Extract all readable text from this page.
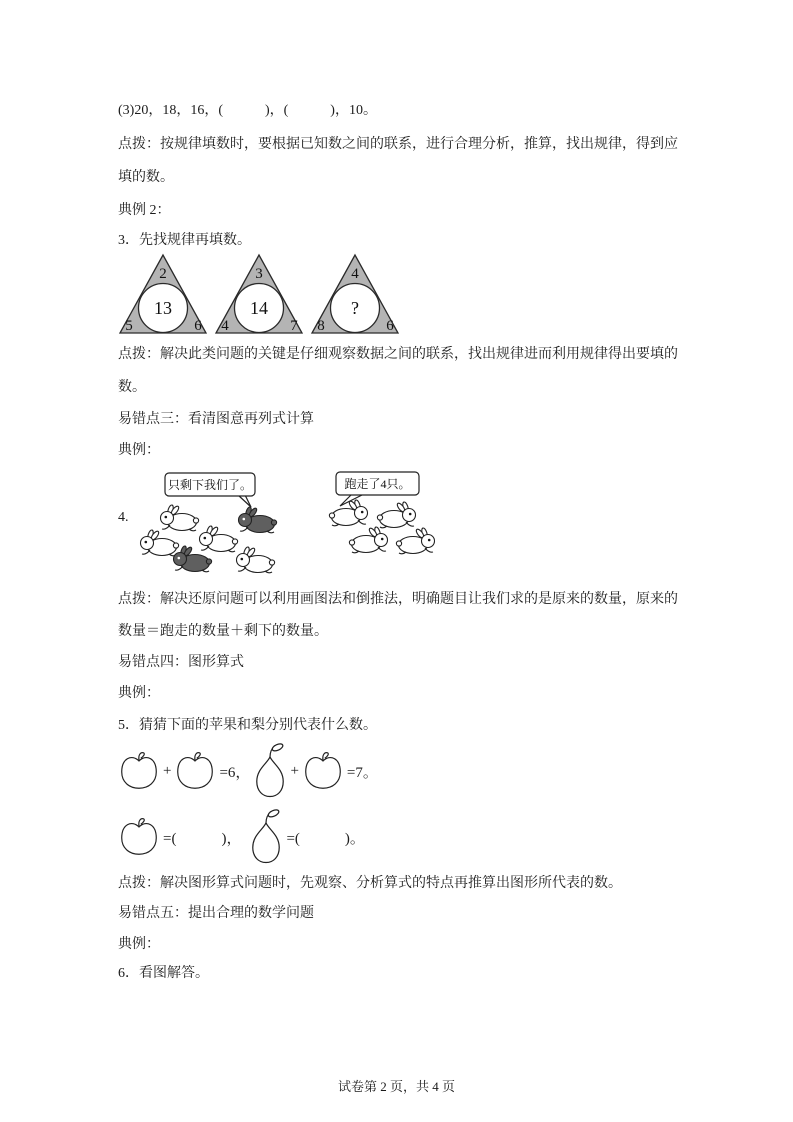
(3)20，18，16，(　　　)，(　　　)，10。
点拨：按规律填数时，要根据已知数之间的联系，进行合理分析，推算，找出规律，得到应
填的数。
典例 2：
3．先找规律再填数。
2
5	6
13
3
4	7
14
4
8	6
?
点拨：解决此类问题的关键是仔细观察数据之间的联系，找出规律进而利用规律得出要填的
数。
易错点三：看清图意再列式计算
典例：
4.
只剩下我们了。	跑走了4只。
点拨：解决还原问题可以利用画图法和倒推法，明确题目让我们求的是原来的数量，原来的
数量＝跑走的数量＋剩下的数量。
易错点四：图形算式
典例：
5．猜猜下面的苹果和梨分别代表什么数。
+	=6，	+	=7。
=(　　　)，	=(　　　)。
点拨：解决图形算式问题时，先观察、分析算式的特点再推算出图形所代表的数。
易错点五：提出合理的数学问题
典例：
6．看图解答。
试卷第 2 页，共 4 页
